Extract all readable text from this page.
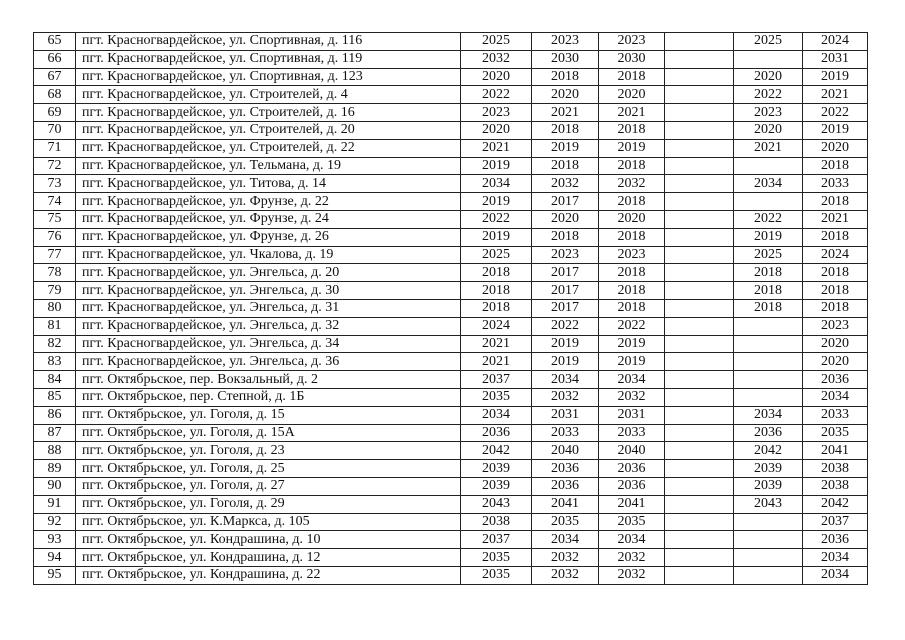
65	пгт. Красногвардейское, ул. Спортивная, д. 116	2025	2023	2023		2025	2024
66	пгт. Красногвардейское, ул. Спортивная, д. 119	2032	2030	2030			2031
67	пгт. Красногвардейское, ул. Спортивная, д. 123	2020	2018	2018		2020	2019
68	пгт. Красногвардейское, ул. Строителей, д. 4	2022	2020	2020		2022	2021
69	пгт. Красногвардейское, ул. Строителей, д. 16	2023	2021	2021		2023	2022
70	пгт. Красногвардейское, ул. Строителей, д. 20	2020	2018	2018		2020	2019
71	пгт. Красногвардейское, ул. Строителей, д. 22	2021	2019	2019		2021	2020
72	пгт. Красногвардейское, ул. Тельмана, д. 19	2019	2018	2018			2018
73	пгт. Красногвардейское, ул. Титова, д. 14	2034	2032	2032		2034	2033
74	пгт. Красногвардейское, ул. Фрунзе, д. 22	2019	2017	2018			2018
75	пгт. Красногвардейское, ул. Фрунзе, д. 24	2022	2020	2020		2022	2021
76	пгт. Красногвардейское, ул. Фрунзе, д. 26	2019	2018	2018		2019	2018
77	пгт. Красногвардейское, ул. Чкалова, д. 19	2025	2023	2023		2025	2024
78	пгт. Красногвардейское, ул. Энгельса, д. 20	2018	2017	2018		2018	2018
79	пгт. Красногвардейское, ул. Энгельса, д. 30	2018	2017	2018		2018	2018
80	пгт. Красногвардейское, ул. Энгельса, д. 31	2018	2017	2018		2018	2018
81	пгт. Красногвардейское, ул. Энгельса, д. 32	2024	2022	2022			2023
82	пгт. Красногвардейское, ул. Энгельса, д. 34	2021	2019	2019			2020
83	пгт. Красногвардейское, ул. Энгельса, д. 36	2021	2019	2019			2020
84	пгт. Октябрьское, пер. Вокзальный, д. 2	2037	2034	2034			2036
85	пгт. Октябрьское, пер. Степной, д. 1Б	2035	2032	2032			2034
86	пгт. Октябрьское, ул. Гоголя, д. 15	2034	2031	2031		2034	2033
87	пгт. Октябрьское, ул. Гоголя, д. 15А	2036	2033	2033		2036	2035
88	пгт. Октябрьское, ул. Гоголя, д. 23	2042	2040	2040		2042	2041
89	пгт. Октябрьское, ул. Гоголя, д. 25	2039	2036	2036		2039	2038
90	пгт. Октябрьское, ул. Гоголя, д. 27	2039	2036	2036		2039	2038
91	пгт. Октябрьское, ул. Гоголя, д. 29	2043	2041	2041		2043	2042
92	пгт. Октябрьское, ул. К.Маркса, д. 105	2038	2035	2035			2037
93	пгт. Октябрьское, ул. Кондрашина, д. 10	2037	2034	2034			2036
94	пгт. Октябрьское, ул. Кондрашина, д. 12	2035	2032	2032			2034
95	пгт. Октябрьское, ул. Кондрашина, д. 22	2035	2032	2032			2034
